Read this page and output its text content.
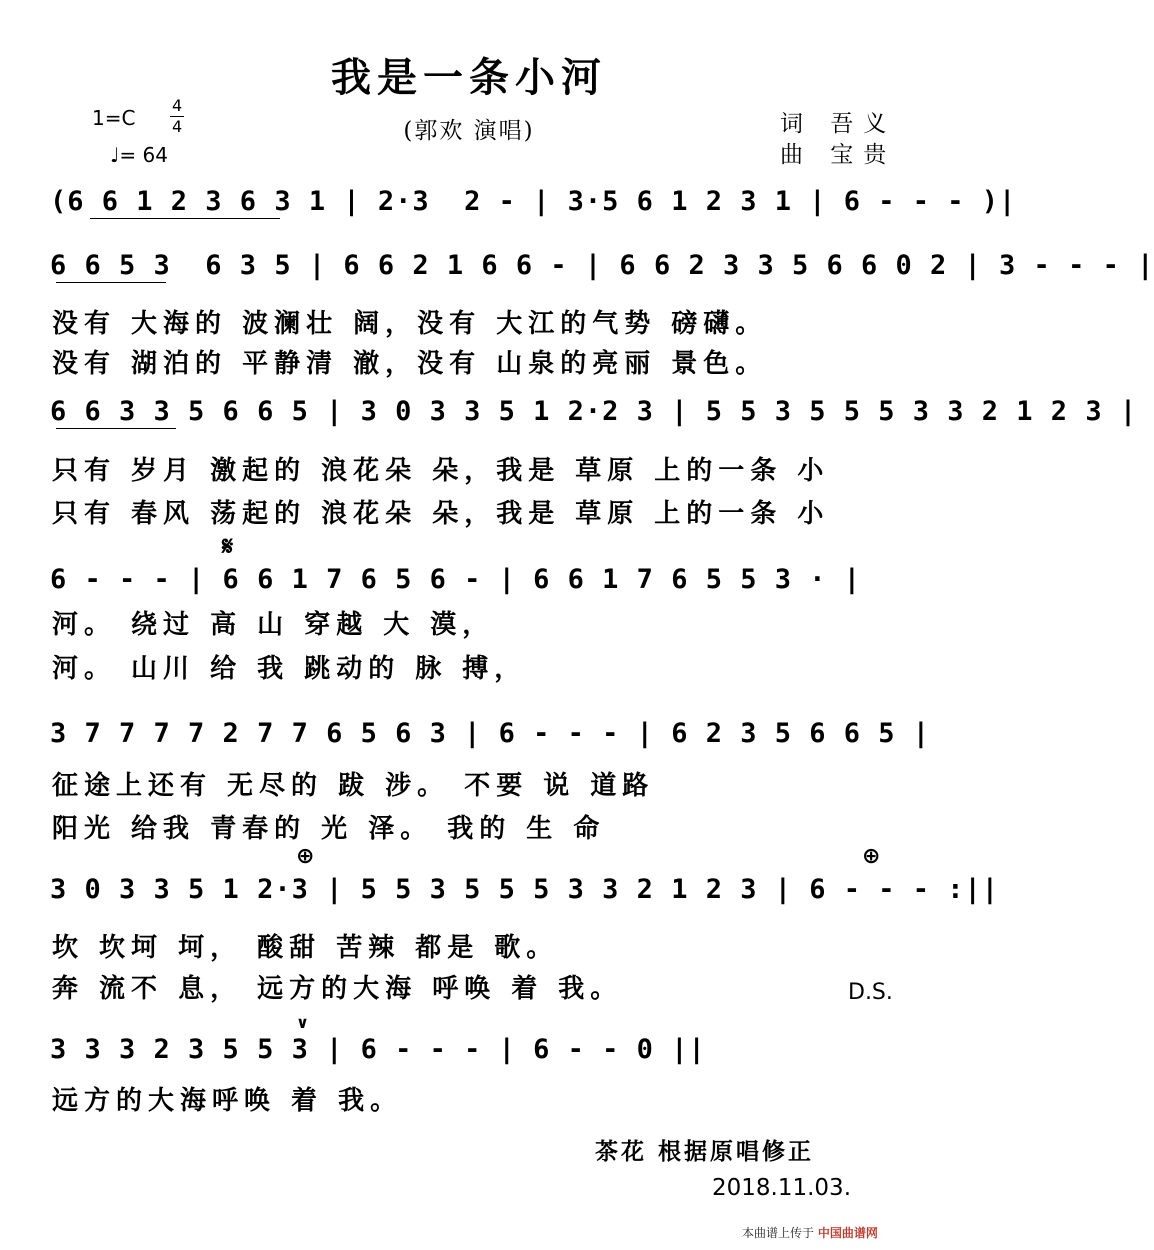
我是一条小河
1=C
4
4
♩= 64
(郭欢 演唱)	词 吾义
曲 宝贵
(6 6 1 2 3 6 3 1 | 2·3  2 - | 3·5 6 1 2 3 1 | 6 - - - )|
6 6 5 3  6 3 5 | 6 6 2 1 6 6 - | 6 6 2 3 3 5 6 6 0 2 | 3 - - - |
没有 大海的 波澜壮 阔，没有 大江的气势 磅礴。
没有 湖泊的 平静清 澈，没有 山泉的亮丽 景色。
6 6 3 3 5 6 6 5 | 3 0 3 3 5 1 2·2 3 | 5 5 3 5 5 5 3 3 2 1 2 3 |
只有 岁月 激起的 浪花朵 朵，我是 草原 上的一条 小
只有 春风 荡起的 浪花朵 朵，我是 草原 上的一条 小
𝄋
6 - - - | 6 6 1 7 6 5 6 - | 6 6 1 7 6 5 5 3 · |
河。 绕过 高 山 穿越 大 漠，
河。 山川 给 我 跳动的 脉 搏，
3 7 7 7 7 2 7 7 6 5 6 3 | 6 - - - | 6 2 3 5 6 6 5 |
征途上还有 无尽的 跋 涉。 不要 说 道路
阳光 给我 青春的 光 泽。 我的 生 命
⊕	⊕
3 0 3 3 5 1 2·3 | 5 5 3 5 5 5 3 3 2 1 2 3 | 6 - - - :||
坎 坎坷 坷， 酸甜 苦辣 都是 歌。
奔 流不 息， 远方的大海 呼唤 着 我。	D.S.
∨
3 3 3 2 3 5 5 3 | 6 - - - | 6 - - 0 ||
远方的大海呼唤 着 我。
茶花 根据原唱修正
2018.11.03.
本曲谱上传于 中国曲谱网
